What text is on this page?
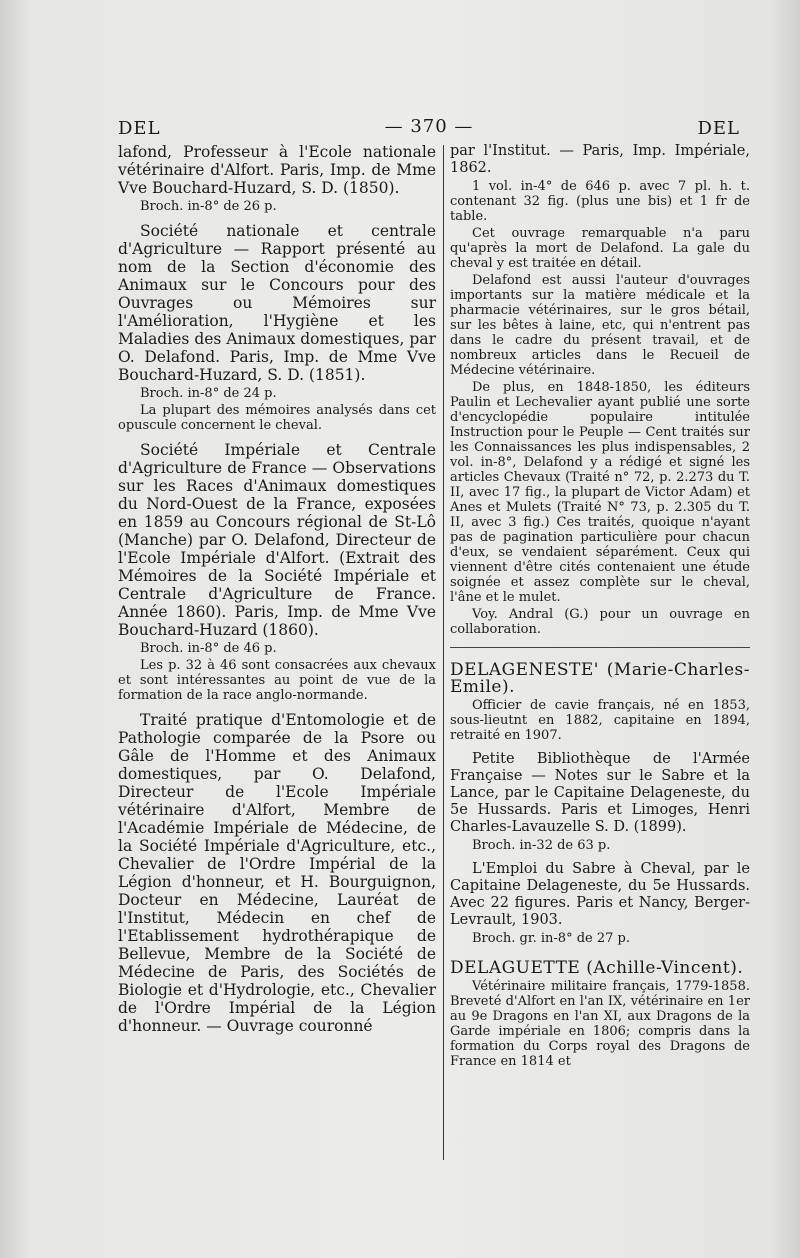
DEL	— 370 —	DEL

lafond, Professeur à l'Ecole nationale vétérinaire d'Alfort. Paris, Imp. de Mme Vve Bouchard-Huzard, S. D. (1850).

Broch. in-8° de 26 p.

Société nationale et centrale d'Agriculture — Rapport présenté au nom de la Section d'économie des Animaux sur le Concours pour des Ouvrages ou Mémoires sur l'Amélioration, l'Hygiène et les Maladies des Animaux domestiques, par O. Delafond. Paris, Imp. de Mme Vve Bouchard-Huzard, S. D. (1851).

Broch. in-8° de 24 p.

La plupart des mémoires analysés dans cet opuscule concernent le cheval.

Société Impériale et Centrale d'Agriculture de France — Observations sur les Races d'Animaux domestiques du Nord-Ouest de la France, exposées en 1859 au Concours régional de St-Lô (Manche) par O. Delafond, Directeur de l'Ecole Impériale d'Alfort. (Extrait des Mémoires de la Société Impériale et Centrale d'Agriculture de France. Année 1860). Paris, Imp. de Mme Vve Bouchard-Huzard (1860).

Broch. in-8° de 46 p.

Les p. 32 à 46 sont consacrées aux chevaux et sont intéressantes au point de vue de la formation de la race anglo-normande.

Traité pratique d'Entomologie et de Pathologie comparée de la Psore ou Gâle de l'Homme et des Animaux domestiques, par O. Delafond, Directeur de l'Ecole Impériale vétérinaire d'Alfort, Membre de l'Académie Impériale de Médecine, de la Société Impériale d'Agriculture, etc., Chevalier de l'Ordre Impérial de la Légion d'honneur, et H. Bourguignon, Docteur en Médecine, Lauréat de l'Institut, Médecin en chef de l'Etablissement hydrothérapique de Bellevue, Membre de la Société de Médecine de Paris, des Sociétés de Biologie et d'Hydrologie, etc., Chevalier de l'Ordre Impérial de la Légion d'honneur. — Ouvrage couronné

par l'Institut. — Paris, Imp. Impériale, 1862.

1 vol. in-4° de 646 p. avec 7 pl. h. t. contenant 32 fig. (plus une bis) et 1 fr de table.

Cet ouvrage remarquable n'a paru qu'après la mort de Delafond. La gale du cheval y est traitée en détail.

Delafond est aussi l'auteur d'ouvrages importants sur la matière médicale et la pharmacie vétérinaires, sur le gros bétail, sur les bêtes à laine, etc, qui n'entrent pas dans le cadre du présent travail, et de nombreux articles dans le Recueil de Médecine vétérinaire.

De plus, en 1848-1850, les éditeurs Paulin et Lechevalier ayant publié une sorte d'encyclopédie populaire intitulée Instruction pour le Peuple — Cent traités sur les Connaissances les plus indispensables, 2 vol. in-8°, Delafond y a rédigé et signé les articles Chevaux (Traité n° 72, p. 2.273 du T. II, avec 17 fig., la plupart de Victor Adam) et Anes et Mulets (Traité N° 73, p. 2.305 du T. II, avec 3 fig.) Ces traités, quoique n'ayant pas de pagination particulière pour chacun d'eux, se vendaient séparément. Ceux qui viennent d'être cités contenaient une étude soignée et assez complète sur le cheval, l'âne et le mulet.

Voy. Andral (G.) pour un ouvrage en collaboration.

DELAGENESTE' (Marie-Charles-Emile).

Officier de cavie français, né en 1853, sous-lieutnt en 1882, capitaine en 1894, retraité en 1907.

Petite Bibliothèque de l'Armée Française — Notes sur le Sabre et la Lance, par le Capitaine Delageneste, du 5e Hussards. Paris et Limoges, Henri Charles-Lavauzelle S. D. (1899).

Broch. in-32 de 63 p.

L'Emploi du Sabre à Cheval, par le Capitaine Delageneste, du 5e Hussards. Avec 22 figures. Paris et Nancy, Berger-Levrault, 1903.

Broch. gr. in-8° de 27 p.

DELAGUETTE (Achille-Vincent).

Vétérinaire militaire français, 1779-1858. Breveté d'Alfort en l'an IX, vétérinaire en 1er au 9e Dragons en l'an XI, aux Dragons de la Garde impériale en 1806; compris dans la formation du Corps royal des Dragons de France en 1814 et
